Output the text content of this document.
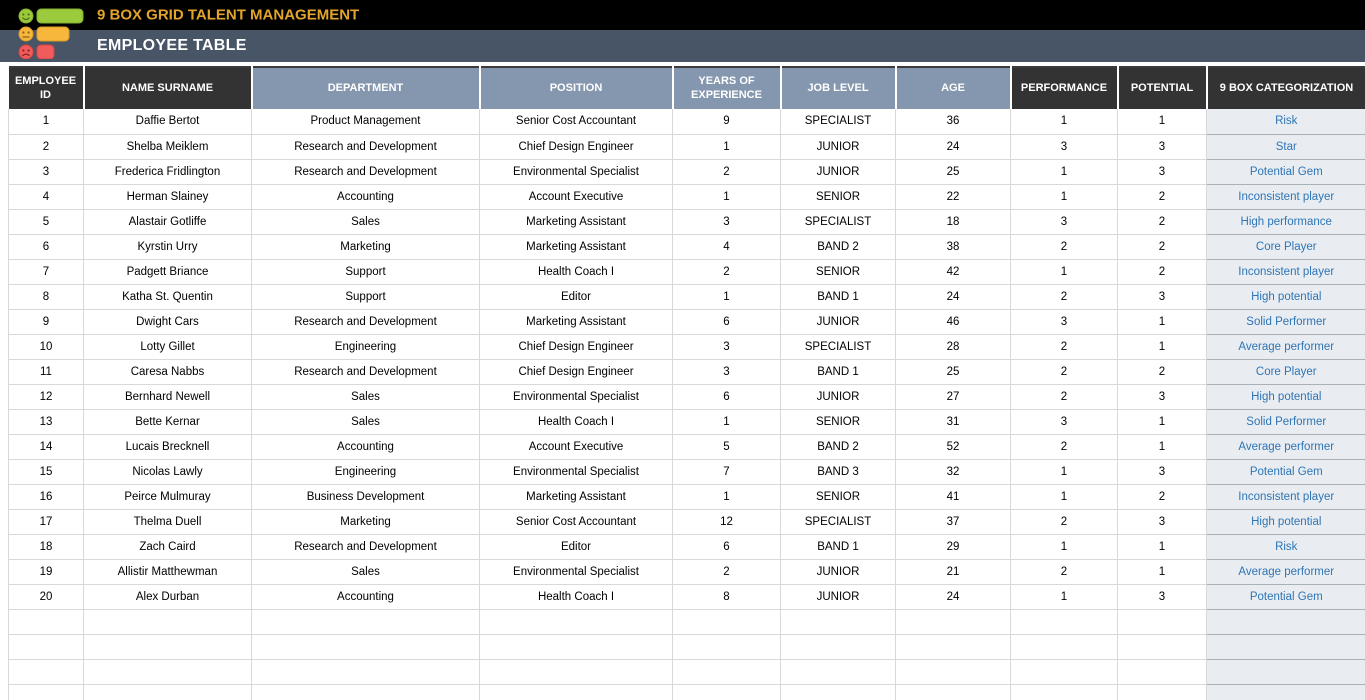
9 BOX GRID TALENT MANAGEMENT
EMPLOYEE TABLE
EMPLOYEE ID	NAME SURNAME	DEPARTMENT	POSITION	YEARS OF EXPERIENCE	JOB LEVEL	AGE	PERFORMANCE	POTENTIAL	9 BOX CATEGORIZATION
1	Daffie Bertot	Product Management	Senior Cost Accountant	9	SPECIALIST	36	1	1	Risk
2	Shelba Meiklem	Research and Development	Chief Design Engineer	1	JUNIOR	24	3	3	Star
3	Frederica Fridlington	Research and Development	Environmental Specialist	2	JUNIOR	25	1	3	Potential Gem
4	Herman Slainey	Accounting	Account Executive	1	SENIOR	22	1	2	Inconsistent player
5	Alastair Gotliffe	Sales	Marketing Assistant	3	SPECIALIST	18	3	2	High performance
6	Kyrstin Urry	Marketing	Marketing Assistant	4	BAND 2	38	2	2	Core Player
7	Padgett Briance	Support	Health Coach I	2	SENIOR	42	1	2	Inconsistent player
8	Katha St. Quentin	Support	Editor	1	BAND 1	24	2	3	High potential
9	Dwight Cars	Research and Development	Marketing Assistant	6	JUNIOR	46	3	1	Solid Performer
10	Lotty Gillet	Engineering	Chief Design Engineer	3	SPECIALIST	28	2	1	Average performer
11	Caresa Nabbs	Research and Development	Chief Design Engineer	3	BAND 1	25	2	2	Core Player
12	Bernhard Newell	Sales	Environmental Specialist	6	JUNIOR	27	2	3	High potential
13	Bette Kernar	Sales	Health Coach I	1	SENIOR	31	3	1	Solid Performer
14	Lucais Brecknell	Accounting	Account Executive	5	BAND 2	52	2	1	Average performer
15	Nicolas Lawly	Engineering	Environmental Specialist	7	BAND 3	32	1	3	Potential Gem
16	Peirce Mulmuray	Business Development	Marketing Assistant	1	SENIOR	41	1	2	Inconsistent player
17	Thelma Duell	Marketing	Senior Cost Accountant	12	SPECIALIST	37	2	3	High potential
18	Zach Caird	Research and Development	Editor	6	BAND 1	29	1	1	Risk
19	Allistir Matthewman	Sales	Environmental Specialist	2	JUNIOR	21	2	1	Average performer
20	Alex Durban	Accounting	Health Coach I	8	JUNIOR	24	1	3	Potential Gem
